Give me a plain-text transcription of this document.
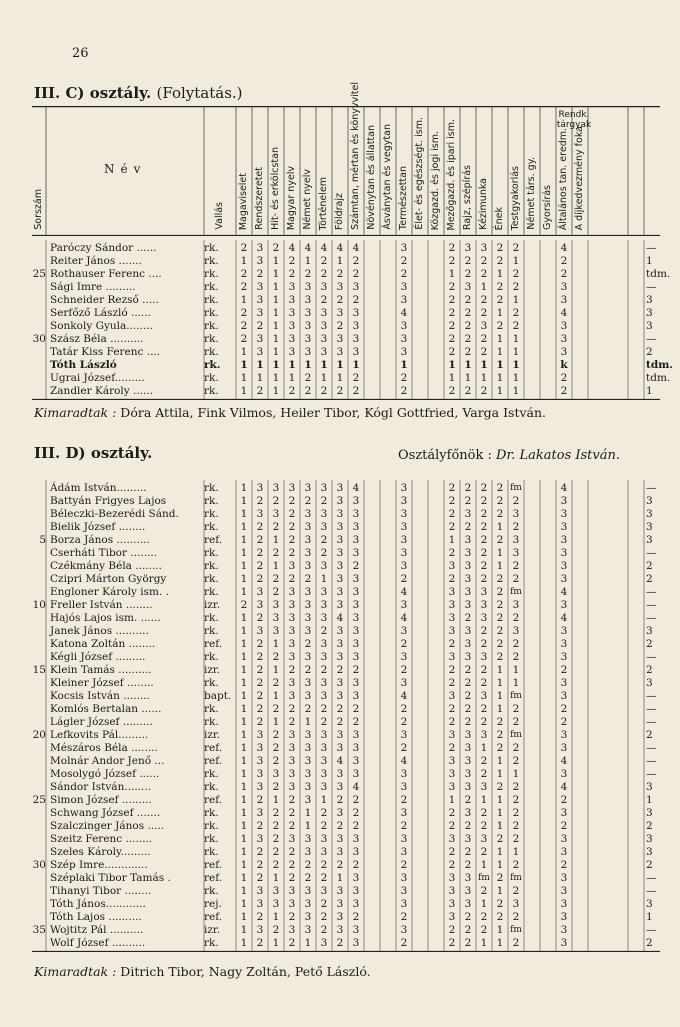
26
III. C) osztály. (Folytatás.)
Név
Rendk. tárgyak
Sorszám	Vallás Magaviselet Rendszeretet Hit- és erkölcstan Magyar nyelv Német nyelv Történelem Földrajz Számtan, mértan és könyvvitel Növénytan és állattan Ásványtan és vegytan Természettan Élet- és egészségt. ism. Közgazd. és jogi ism. Mezőgazd. és ipari ism. Rajz, szépírás Kézimunka Ének Testgyakorlás Német társ. gy. Gyorsírás Általános tan. eredm. A díjkedvezmény foka
Paróczy Sándor ......	rk.	2 3 2 4 4 4 4 4	3	2 3 3 2 2	4	—
Reiter János .......	rk.	1 3 1 2 1 2 1 2	2	2 2 2 2 1	2	1
25 Rothauser Ferenc ....	rk.	2 2 1 2 2 2 2 2	2	1 2 2 1 2	2	tdm.
Sági Imre .........	rk.	2 3 1 3 3 3 3 3	3	2 3 1 2 2	3	—
Schneider Rezső .....	rk.	1 3 1 3 3 2 2 2	3	2 2 2 2 1	3	3
Serfőző László ......	rk.	2 3 1 3 3 3 3 3	4	2 2 2 1 2	4	3
Sonkoly Gyula........	rk.	2 2 1 3 3 3 2 3	3	2 2 3 2 2	3	3
30 Szász Béla ..........	rk.	2 3 1 3 3 3 3 3	3	2 2 2 1 1	3	—
Tatár Kiss Ferenc ....	rk.	1 3 1 3 3 3 3 3	3	2 2 2 1 1	3	2
Tóth László	rk.	1 1 1 1 1 1 1 1	1	1 1 1 1 1	k	tdm.
Ugrai József.........	rk.	1 1 1 1 2 1 1 2	2	1 1 1 1 1	2	tdm.
Zandler Károly ......	rk.	1 2 1 2 2 2 2 2	2	2 2 2 1 1	2	1
Kimaradtak : Dóra Attila, Fink Vilmos, Heiler Tibor, Kógl Gottfried, Varga István.
III. D) osztály.	Osztályfőnök : Dr. Lakatos István.
Ádám István.........	rk.	1 3 3 3 3 3 3 4	3	2 2 2 2 fm	4	—
Battyán Frigyes Lajos	rk.	1 2 2 2 2 2 3 3	3	2 2 2 2 2	3	3
Béleczki-Bezerédi Sánd. rk.	1 3 3 2 3 3 3 3	3	2 3 2 2 3	3	3
Bielik József ........	rk.	1 2 2 2 3 3 3 3	3	2 2 2 1 2	3	3
5 Borza János ..........	ref.	1 2 1 2 3 2 3 3	3	1 3 2 2 3	3	3
Cserháti Tibor ........	rk.	1 2 2 2 3 2 3 3	3	2 3 2 1 3	3	—
Czékmány Béla ........	rk.	1 2 1 3 3 3 3 2	3	3 3 2 1 2	3	2
Czipri Márton György	rk.	1 2 2 2 2 1 3 3	2	2 3 2 2 2	3	2
Engloner Károly ism. .	rk.	1 3 2 3 3 3 3 3	4	3 3 3 2 fm	4	—
10 Freller István ........	izr.	2 3 3 3 3 3 3 3	3	3 3 3 2 3	3	—
Hajós Lajos ism. ......	rk.	1 2 3 3 3 3 4 3	4	3 2 3 2 2	4	—
Janek János ..........	rk.	1 3 3 3 3 2 3 3	3	3 3 2 2 3	3	3
Katona Zoltán ........	ref.	1 2 1 3 2 3 3 3	2	2 3 2 2 2	3	2
Kégli József .........	rk.	1 2 2 3 3 3 3 3	3	3 3 3 2 2	3	—
15 Klein Tamás ..........	izr.	1 2 1 2 2 2 2 2	2	2 2 2 1 1	2	2
Kleiner József ........	rk.	1 2 2 3 3 3 3 3	3	2 2 2 1 1	3	3
Kocsis István ........	bapt. 1 2 1 3 3 3 3 3	4	3 2 3 1 fm	3	—
Komlós Bertalan ......	rk.	1 2 2 2 2 2 2 2	2	2 2 2 1 2	2	—
Lágler József .........	rk.	1 2 1 2 1 2 2 2	2	2 2 2 2 2	2	—
20 Lefkovits Pál.........	izr.	1 3 2 3 3 3 3 3	3	3 3 3 2 fm	3	2
Mészáros Béla ........	ref.	1 3 2 3 3 3 3 3	2	2 3 1 2 2	3	—
Molnár Andor Jenő ...	ref.	1 3 2 3 3 3 4 3	4	3 3 2 1 2	4	—
Mosolygó József ......	rk.	1 3 3 3 3 3 3 3	3	3 3 2 1 1	3	—
Sándor István........	rk.	1 3 2 3 3 3 3 4	3	3 3 3 2 2	4	3
25 Simon József .........	ref.	1 2 1 2 3 1 2 2	2	1 2 1 1 2	2	1
Schwang József .......	rk.	1 3 2 2 1 2 3 2	3	2 3 2 1 2	3	3
Szalczinger János .....	rk.	1 2 2 2 1 2 2 2	2	2 2 2 1 2	2	2
Szeitz Ferenc ........	rk.	1 3 2 3 3 3 3 3	3	3 3 3 2 2	3	3
Szeles Károly.........	rk.	1 2 2 2 3 3 3 3	3	2 2 2 1 1	3	3
30 Szép Imre.............	ref.	1 2 2 2 2 2 2 2	2	2 2 1 1 2	2	2
Széplaki Tibor Tamás .	ref.	1 2 1 2 2 2 1 3	3	3 3 fm 2 fm	3	—
Tihanyi Tibor ........	rk.	1 3 3 3 3 3 3 3	3	3 3 2 1 2	3	—
Tóth János............	rej.	1 3 3 3 3 2 3 3	3	3 3 1 2 3	3	3
Tóth Lajos ..........	ref.	1 2 1 2 3 2 3 2	2	3 2 2 2 2	3	1
35 Wojtitz Pál ..........	izr.	1 3 2 3 3 2 3 3	3	2 2 2 1 fm	3	—
Wolf József ..........	rk.	1 2 1 2 1 3 2 3	2	2 2 1 1 2	3	2
Kimaradtak : Ditrich Tibor, Nagy Zoltán, Pető László.
